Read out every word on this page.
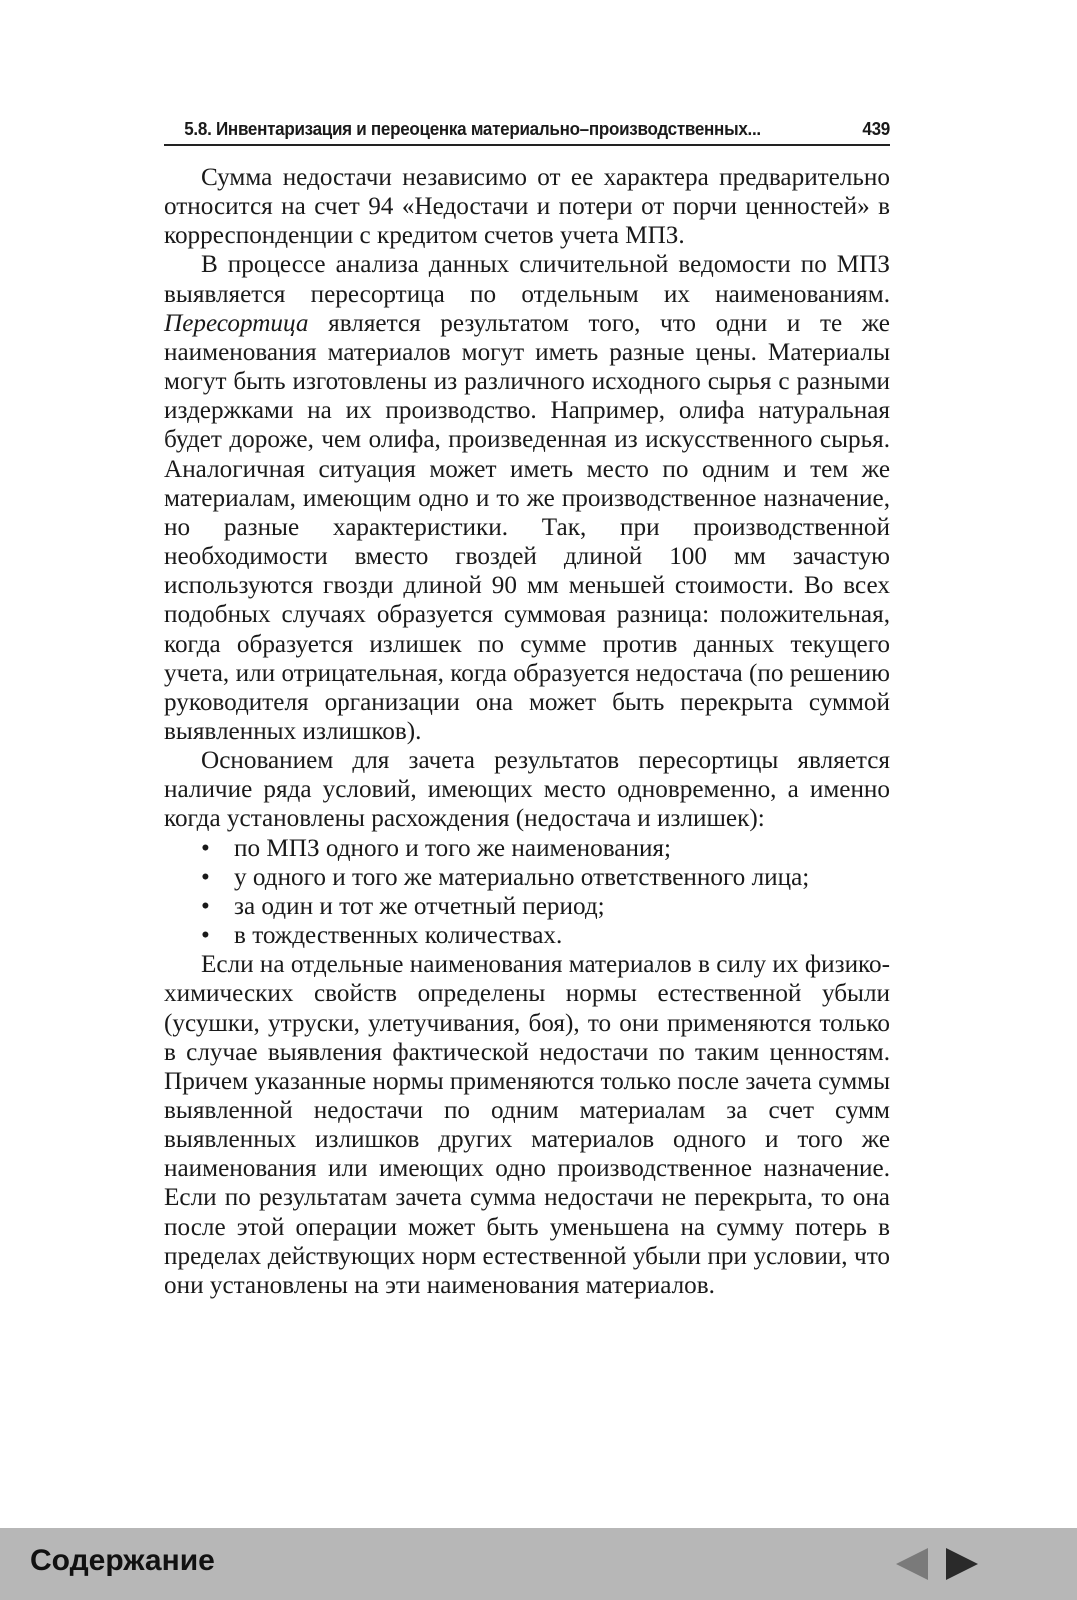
5.8. Инвентаризация и переоценка материально–производственных...	439

Сумма недостачи независимо от ее характера предварительно относится на счет 94 «Недостачи и потери от порчи ценностей» в корреспонденции с кредитом счетов учета МПЗ.

В процессе анализа данных сличительной ведомости по МПЗ выявляется пересортица по отдельным их наименованиям. Пересортица является результатом того, что одни и те же наименования материалов могут иметь разные цены. Материалы могут быть изготовлены из различного исходного сырья с разными издержками на их производство. Например, олифа натуральная будет дороже, чем олифа, произведенная из искусственного сырья. Аналогичная ситуация может иметь место по одним и тем же материалам, имеющим одно и то же производственное назначение, но разные характеристики. Так, при производственной необходимости вместо гвоздей длиной 100 мм зачастую используются гвозди длиной 90 мм меньшей стоимости. Во всех подобных случаях образуется суммовая разница: положительная, когда образуется излишек по сумме против данных текущего учета, или отрицательная, когда образуется недостача (по решению руководителя организации она может быть перекрыта суммой выявленных излишков).

Основанием для зачета результатов пересортицы является наличие ряда условий, имеющих место одновременно, а именно когда установлены расхождения (недостача и излишек):

• по МПЗ одного и того же наименования;
• у одного и того же материально ответственного лица;
• за один и тот же отчетный период;
• в тождественных количествах.

Если на отдельные наименования материалов в силу их физико-химических свойств определены нормы естественной убыли (усушки, утруски, улетучивания, боя), то они применяются только в случае выявления фактической недостачи по таким ценностям. Причем указанные нормы применяются только после зачета суммы выявленной недостачи по одним материалам за счет сумм выявленных излишков других материалов одного и того же наименования или имеющих одно производственное назначение. Если по результатам зачета сумма недостачи не перекрыта, то она после этой операции может быть уменьшена на сумму потерь в пределах действующих норм естественной убыли при условии, что они установлены на эти наименования материалов.

Содержание
